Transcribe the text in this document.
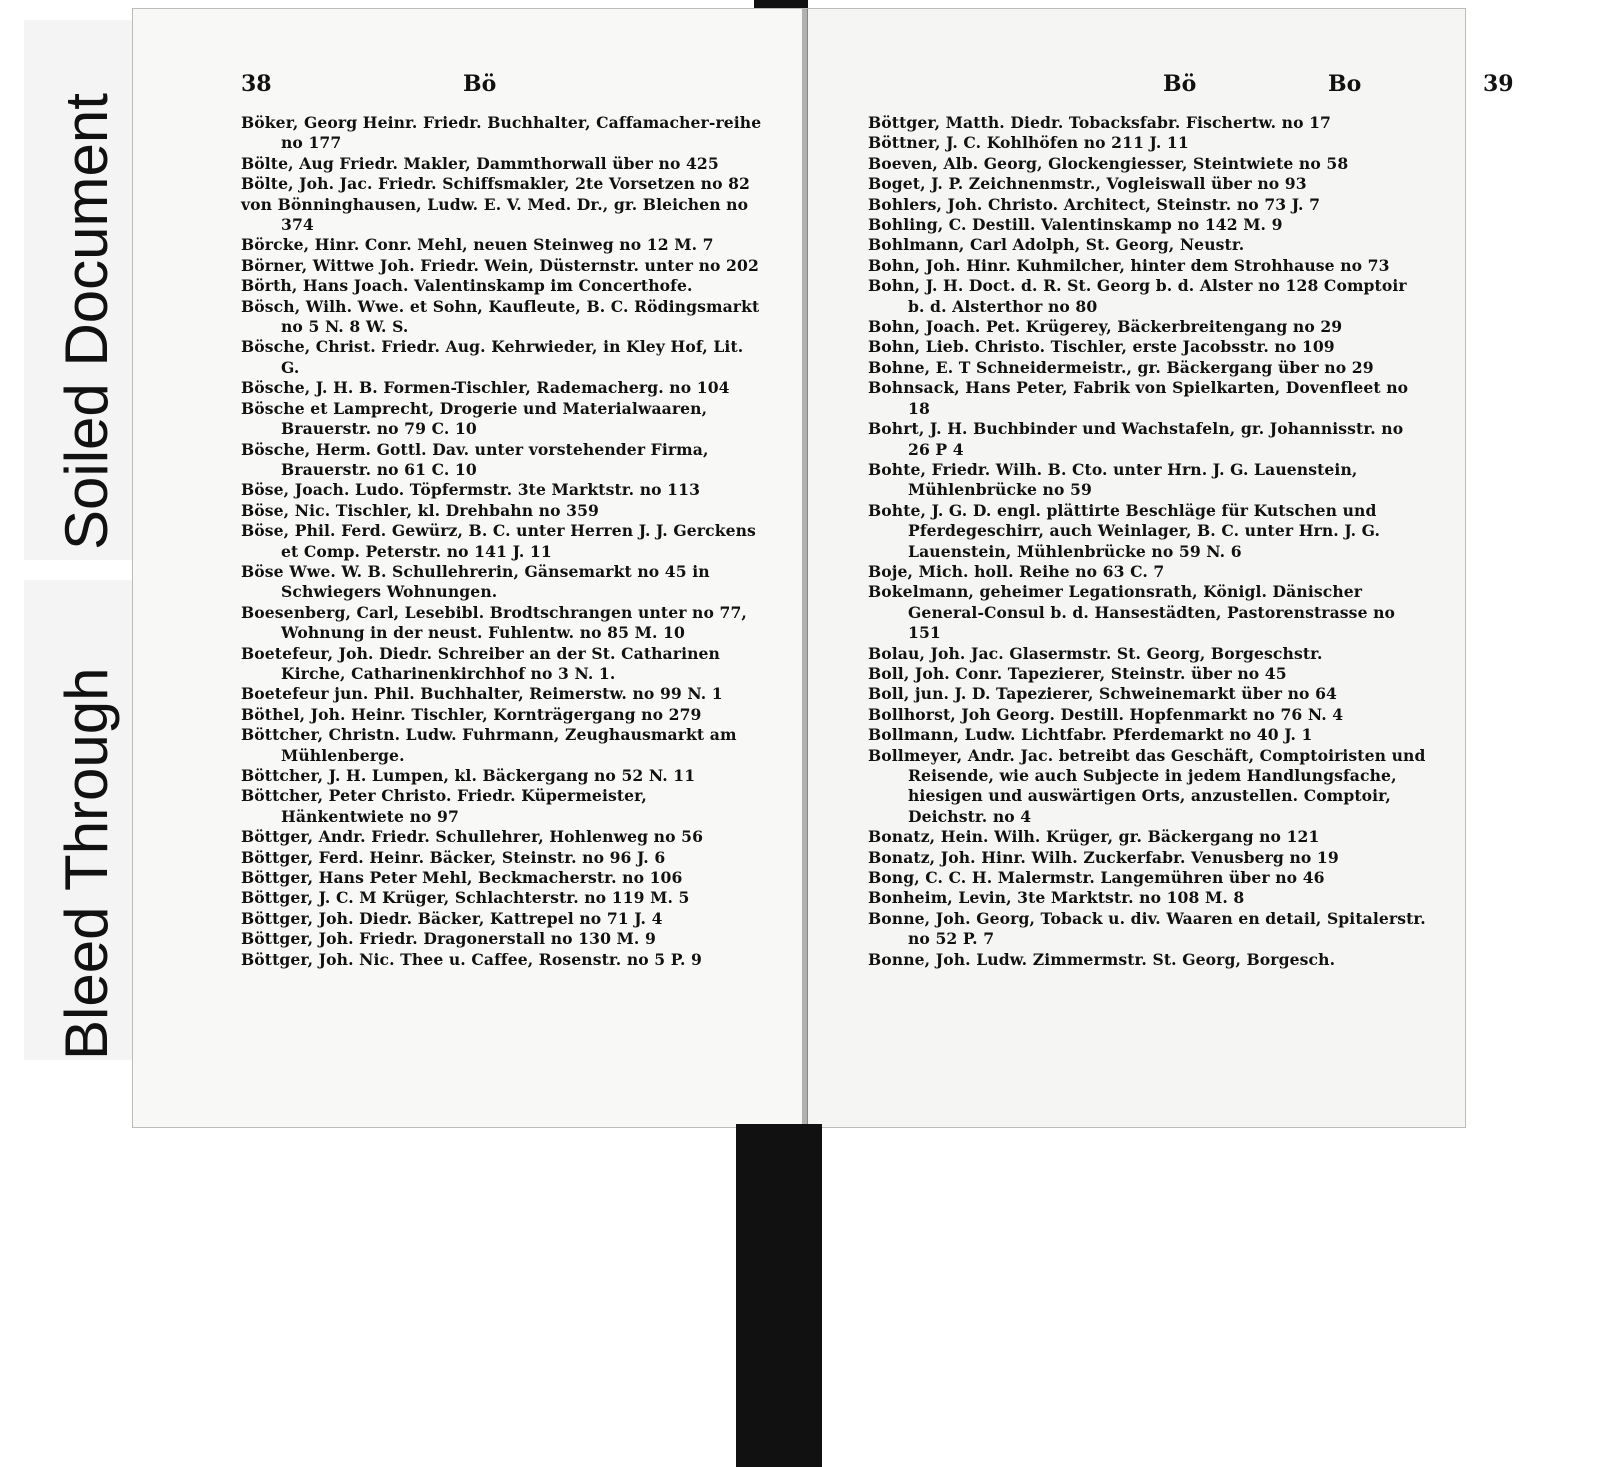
Soiled Document
Bleed Through
38	Bö

Böker, Georg Heinr. Friedr. Buchhalter, Caffamacher-reihe no 177

Bölte, Aug Friedr. Makler, Dammthorwall über no 425

Bölte, Joh. Jac. Friedr. Schiffsmakler, 2te Vorsetzen no 82

von Bönninghausen, Ludw. E. V. Med. Dr., gr. Bleichen no 374

Börcke, Hinr. Conr. Mehl, neuen Steinweg no 12 M. 7

Börner, Wittwe Joh. Friedr. Wein, Düsternstr. unter no 202

Börth, Hans Joach. Valentinskamp im Concerthofe.

Bösch, Wilh. Wwe. et Sohn, Kaufleute, B. C. Rödingsmarkt no 5 N. 8 W. S.

Bösche, Christ. Friedr. Aug. Kehrwieder, in Kley Hof, Lit. G.

Bösche, J. H. B. Formen-Tischler, Rademacherg. no 104

Bösche et Lamprecht, Drogerie und Materialwaaren, Brauerstr. no 79 C. 10

Bösche, Herm. Gottl. Dav. unter vorstehender Firma, Brauerstr. no 61 C. 10

Böse, Joach. Ludo. Töpfermstr. 3te Marktstr. no 113

Böse, Nic. Tischler, kl. Drehbahn no 359

Böse, Phil. Ferd. Gewürz, B. C. unter Herren J. J. Gerckens et Comp. Peterstr. no 141 J. 11

Böse Wwe. W. B. Schullehrerin, Gänsemarkt no 45 in Schwiegers Wohnungen.

Boesenberg, Carl, Lesebibl. Brodtschrangen unter no 77, Wohnung in der neust. Fuhlentw. no 85 M. 10

Boetefeur, Joh. Diedr. Schreiber an der St. Catharinen Kirche, Catharinenkirchhof no 3 N. 1.

Boetefeur jun. Phil. Buchhalter, Reimerstw. no 99 N. 1

Böthel, Joh. Heinr. Tischler, Kornträgergang no 279

Böttcher, Christn. Ludw. Fuhrmann, Zeughausmarkt am Mühlenberge.

Böttcher, J. H. Lumpen, kl. Bäckergang no 52 N. 11

Böttcher, Peter Christo. Friedr. Küpermeister, Hänkentwiete no 97

Böttger, Andr. Friedr. Schullehrer, Hohlenweg no 56

Böttger, Ferd. Heinr. Bäcker, Steinstr. no 96 J. 6

Böttger, Hans Peter Mehl, Beckmacherstr. no 106

Böttger, J. C. M Krüger, Schlachterstr. no 119 M. 5

Böttger, Joh. Diedr. Bäcker, Kattrepel no 71 J. 4

Böttger, Joh. Friedr. Dragonerstall no 130 M. 9

Böttger, Joh. Nic. Thee u. Caffee, Rosenstr. no 5 P. 9

Bö	Bo	39

Böttger, Matth. Diedr. Tobacksfabr. Fischertw. no 17

Böttner, J. C. Kohlhöfen no 211 J. 11

Boeven, Alb. Georg, Glockengiesser, Steintwiete no 58

Boget, J. P. Zeichnenmstr., Vogleiswall über no 93

Bohlers, Joh. Christo. Architect, Steinstr. no 73 J. 7

Bohling, C. Destill. Valentinskamp no 142 M. 9

Bohlmann, Carl Adolph, St. Georg, Neustr.

Bohn, Joh. Hinr. Kuhmilcher, hinter dem Strohhause no 73

Bohn, J. H. Doct. d. R. St. Georg b. d. Alster no 128 Comptoir b. d. Alsterthor no 80

Bohn, Joach. Pet. Krügerey, Bäckerbreitengang no 29

Bohn, Lieb. Christo. Tischler, erste Jacobsstr. no 109

Bohne, E. T Schneidermeistr., gr. Bäckergang über no 29

Bohnsack, Hans Peter, Fabrik von Spielkarten, Dovenfleet no 18

Bohrt, J. H. Buchbinder und Wachstafeln, gr. Johannisstr. no 26 P 4

Bohte, Friedr. Wilh. B. Cto. unter Hrn. J. G. Lauenstein, Mühlenbrücke no 59

Bohte, J. G. D. engl. plättirte Beschläge für Kutschen und Pferdegeschirr, auch Weinlager, B. C. unter Hrn. J. G. Lauenstein, Mühlenbrücke no 59 N. 6

Boje, Mich. holl. Reihe no 63 C. 7

Bokelmann, geheimer Legationsrath, Königl. Dänischer General-Consul b. d. Hansestädten, Pastorenstrasse no 151

Bolau, Joh. Jac. Glasermstr. St. Georg, Borgeschstr.

Boll, Joh. Conr. Tapezierer, Steinstr. über no 45

Boll, jun. J. D. Tapezierer, Schweinemarkt über no 64

Bollhorst, Joh Georg. Destill. Hopfenmarkt no 76 N. 4

Bollmann, Ludw. Lichtfabr. Pferdemarkt no 40 J. 1

Bollmeyer, Andr. Jac. betreibt das Geschäft, Comptoiristen und Reisende, wie auch Subjecte in jedem Handlungsfache, hiesigen und auswärtigen Orts, anzustellen. Comptoir, Deichstr. no 4

Bonatz, Hein. Wilh. Krüger, gr. Bäckergang no 121

Bonatz, Joh. Hinr. Wilh. Zuckerfabr. Venusberg no 19

Bong, C. C. H. Malermstr. Langemühren über no 46

Bonheim, Levin, 3te Marktstr. no 108 M. 8

Bonne, Joh. Georg, Toback u. div. Waaren en detail, Spitalerstr. no 52 P. 7

Bonne, Joh. Ludw. Zimmermstr. St. Georg, Borgesch.
